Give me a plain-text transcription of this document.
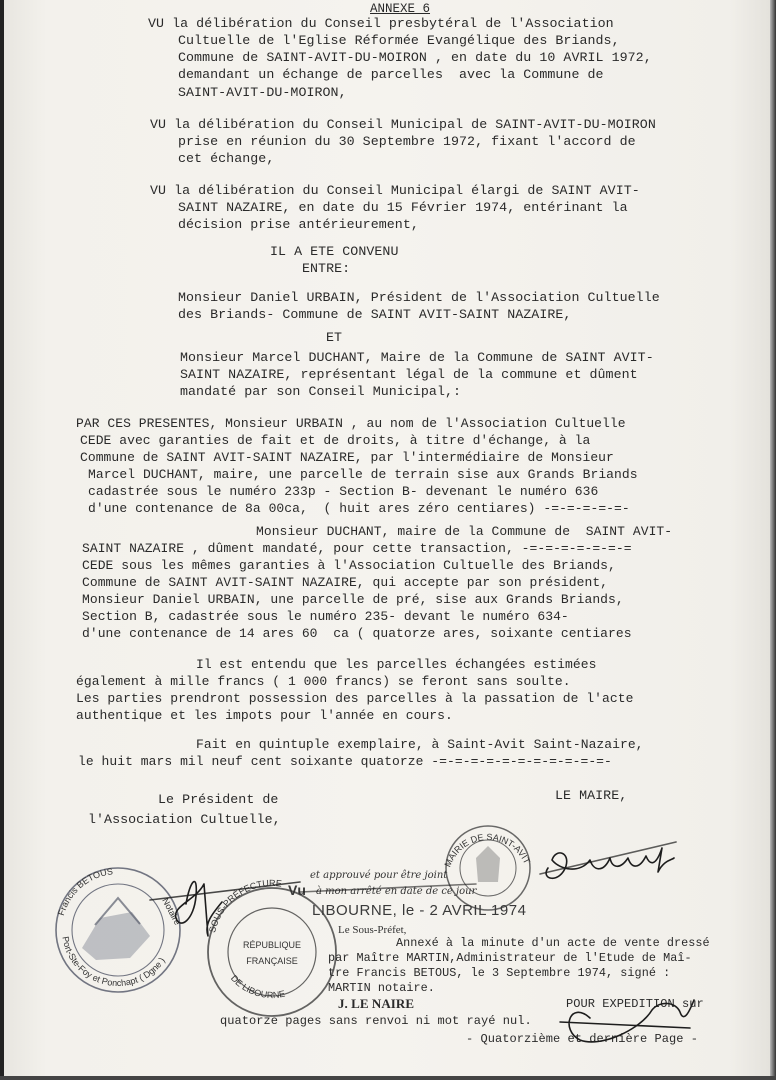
ANNEXE 6
VU la délibération du Conseil presbytéral de l'Association
Cultuelle de l'Eglise Réformée Evangélique des Briands,
Commune de SAINT-AVIT-DU-MOIRON , en date du 10 AVRIL 1972,
demandant un échange de parcelles  avec la Commune de
SAINT-AVIT-DU-MOIRON,
VU la délibération du Conseil Municipal de SAINT-AVIT-DU-MOIRON
prise en réunion du 30 Septembre 1972, fixant l'accord de
cet échange,
VU la délibération du Conseil Municipal élargi de SAINT AVIT-
SAINT NAZAIRE, en date du 15 Février 1974, entérinant la
décision prise antérieurement,
IL A ETE CONVENU
ENTRE:
Monsieur Daniel URBAIN, Président de l'Association Cultuelle
des Briands- Commune de SAINT AVIT-SAINT NAZAIRE,
ET
Monsieur Marcel DUCHANT, Maire de la Commune de SAINT AVIT-
SAINT NAZAIRE, représentant légal de la commune et dûment
mandaté par son Conseil Municipal,:
PAR CES PRESENTES, Monsieur URBAIN , au nom de l'Association Cultuelle
CEDE avec garanties de fait et de droits, à titre d'échange, à la
Commune de SAINT AVIT-SAINT NAZAIRE, par l'intermédiaire de Monsieur
Marcel DUCHANT, maire, une parcelle de terrain sise aux Grands Briands
cadastrée sous le numéro 233p - Section B- devenant le numéro 636
d'une contenance de 8a 00ca,  ( huit ares zéro centiares) -=-=-=-=-=-
Monsieur DUCHANT, maire de la Commune de  SAINT AVIT-
SAINT NAZAIRE , dûment mandaté, pour cette transaction, -=-=-=-=-=-=-=
CEDE sous les mêmes garanties à l'Association Cultuelle des Briands,
Commune de SAINT AVIT-SAINT NAZAIRE, qui accepte par son président,
Monsieur Daniel URBAIN, une parcelle de pré, sise aux Grands Briands,
Section B, cadastrée sous le numéro 235- devant le numéro 634-
d'une contenance de 14 ares 60  ca ( quatorze ares, soixante centiares
Il est entendu que les parcelles échangées estimées
également à mille francs ( 1 000 francs) se feront sans soulte.
Les parties prendront possession des parcelles à la passation de l'acte
authentique et les impots pour l'année en cours.
Fait en quintuple exemplaire, à Saint-Avit Saint-Nazaire,
le huit mars mil neuf cent soixante quatorze -=-=-=-=-=-=-=-=-=-=-=-
Le Président de	LE MAIRE,
l'Association Cultuelle,
Vu
et approuvé pour être joint
à mon arrêté en date de ce jour
LIBOURNE, le - 2 AVRIL 1974
Le Sous-Préfet,
Annexé à la minute d'un acte de vente dressé
par Maître MARTIN,Administrateur de l'Etude de Maî-
tre Francis BETOUS, le 3 Septembre 1974, signé :
MARTIN notaire.
J. LE NAIRE	POUR EXPEDITION sur
quatorze pages sans renvoi ni mot rayé nul.
- Quatorzième et dernière Page -
Francis BETOUS
Port-Ste-Foy et Ponchapt ( Dgne )
Notaire
SOUS-PRÉFECTURE
DE LIBOURNE
RÉPUBLIQUE
FRANÇAISE
MAIRIE DE SAINT-AVIT
